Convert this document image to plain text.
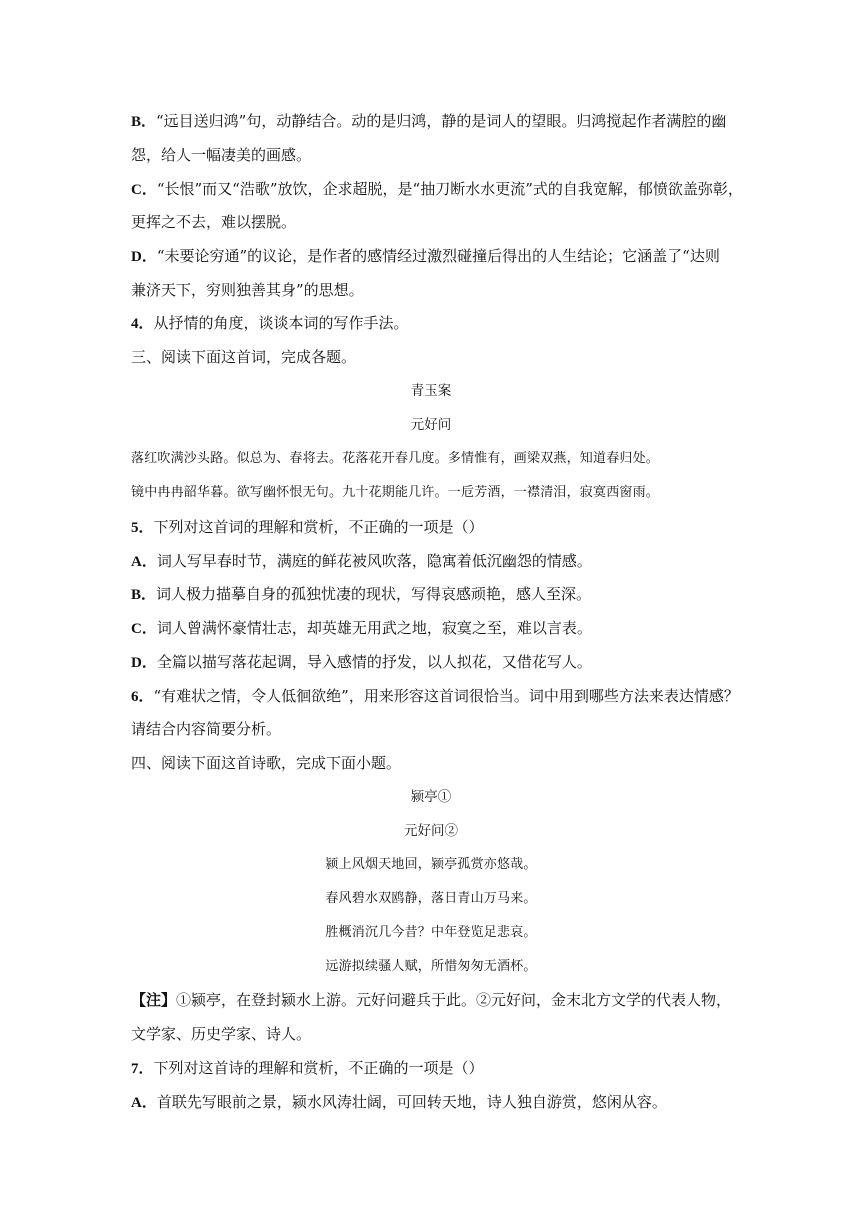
B．“远目送归鸿”句，动静结合。动的是归鸿，静的是词人的望眼。归鸿搅起作者满腔的幽
怨，给人一幅凄美的画感。
C．“长恨”而又“浩歌”放饮，企求超脱，是“抽刀断水水更流”式的自我宽解，郁愤欲盖弥彰，
更挥之不去，难以摆脱。
D．“未要论穷通”的议论，是作者的感情经过激烈碰撞后得出的人生结论；它涵盖了“达则
兼济天下，穷则独善其身”的思想。
4．从抒情的角度，谈谈本词的写作手法。
三、阅读下面这首词，完成各题。
青玉案
元好问
落红吹满沙头路。似总为、春将去。花落花开春几度。多情惟有，画梁双燕，知道春归处。
镜中冉冉韶华暮。欲写幽怀恨无句。九十花期能几许。一卮芳酒，一襟清泪，寂寞西窗雨。
5．下列对这首词的理解和赏析，不正确的一项是（）
A．词人写早春时节，满庭的鲜花被风吹落，隐寓着低沉幽怨的情感。
B．词人极力描摹自身的孤独忧凄的现状，写得哀感顽艳，感人至深。
C．词人曾满怀豪情壮志，却英雄无用武之地，寂寞之至，难以言表。
D．全篇以描写落花起调，导入感情的抒发，以人拟花，又借花写人。
6．“有难状之情，令人低徊欲绝”，用来形容这首词很恰当。词中用到哪些方法来表达情感？
请结合内容简要分析。
四、阅读下面这首诗歌，完成下面小题。
颍亭①
元好问②
颍上风烟天地回，颍亭孤赏亦悠哉。
春风碧水双鸥静，落日青山万马来。
胜概消沉几今昔？中年登览足悲哀。
远游拟续骚人赋，所惜匆匆无酒杯。
【注】①颍亭，在登封颍水上游。元好问避兵于此。②元好问，金末北方文学的代表人物，
文学家、历史学家、诗人。
7．下列对这首诗的理解和赏析，不正确的一项是（）
A．首联先写眼前之景，颍水风涛壮阔，可回转天地，诗人独自游赏，悠闲从容。
